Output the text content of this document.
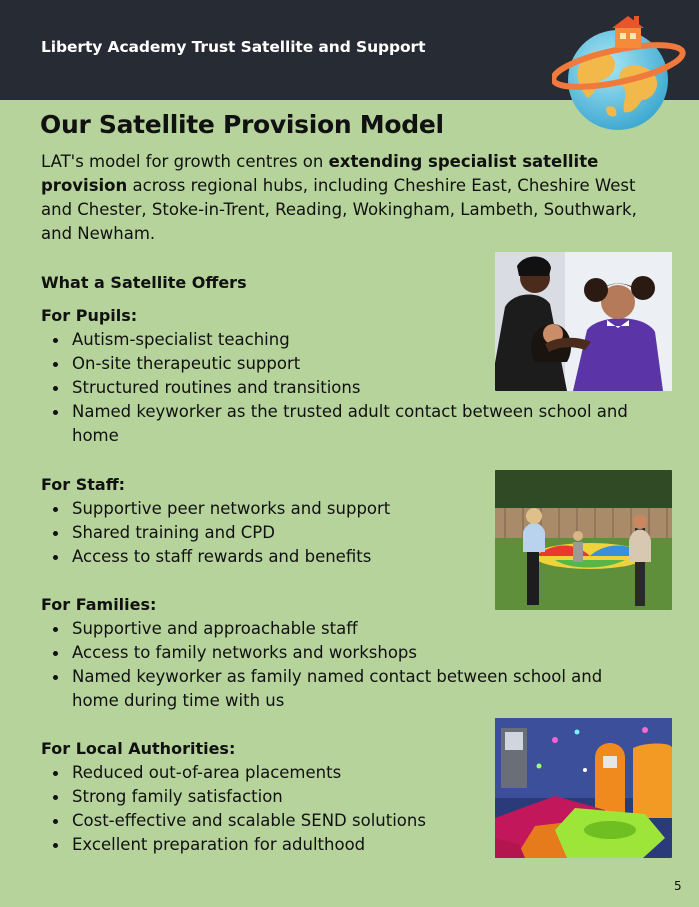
Liberty Academy Trust Satellite and Support
Our Satellite Provision Model

LAT's model for growth centres on extending specialist satellite provision across regional hubs, including Cheshire East, Cheshire West and Chester, Stoke-in-Trent, Reading, Wokingham, Lambeth, Southwark, and Newham.

What a Satellite Offers
For Pupils:
Autism-specialist teaching
On-site therapeutic support
Structured routines and transitions
Named keyworker as the trusted adult contact between school and home
For Staff:
Supportive peer networks and support
Shared training and CPD
Access to staff rewards and benefits
For Families:
Supportive and approachable staff
Access to family networks and workshops
Named keyworker as family named contact between school and home during time with us
For Local Authorities:
Reduced out-of-area placements
Strong family satisfaction
Cost-effective and scalable SEND solutions
Excellent preparation for adulthood
5
